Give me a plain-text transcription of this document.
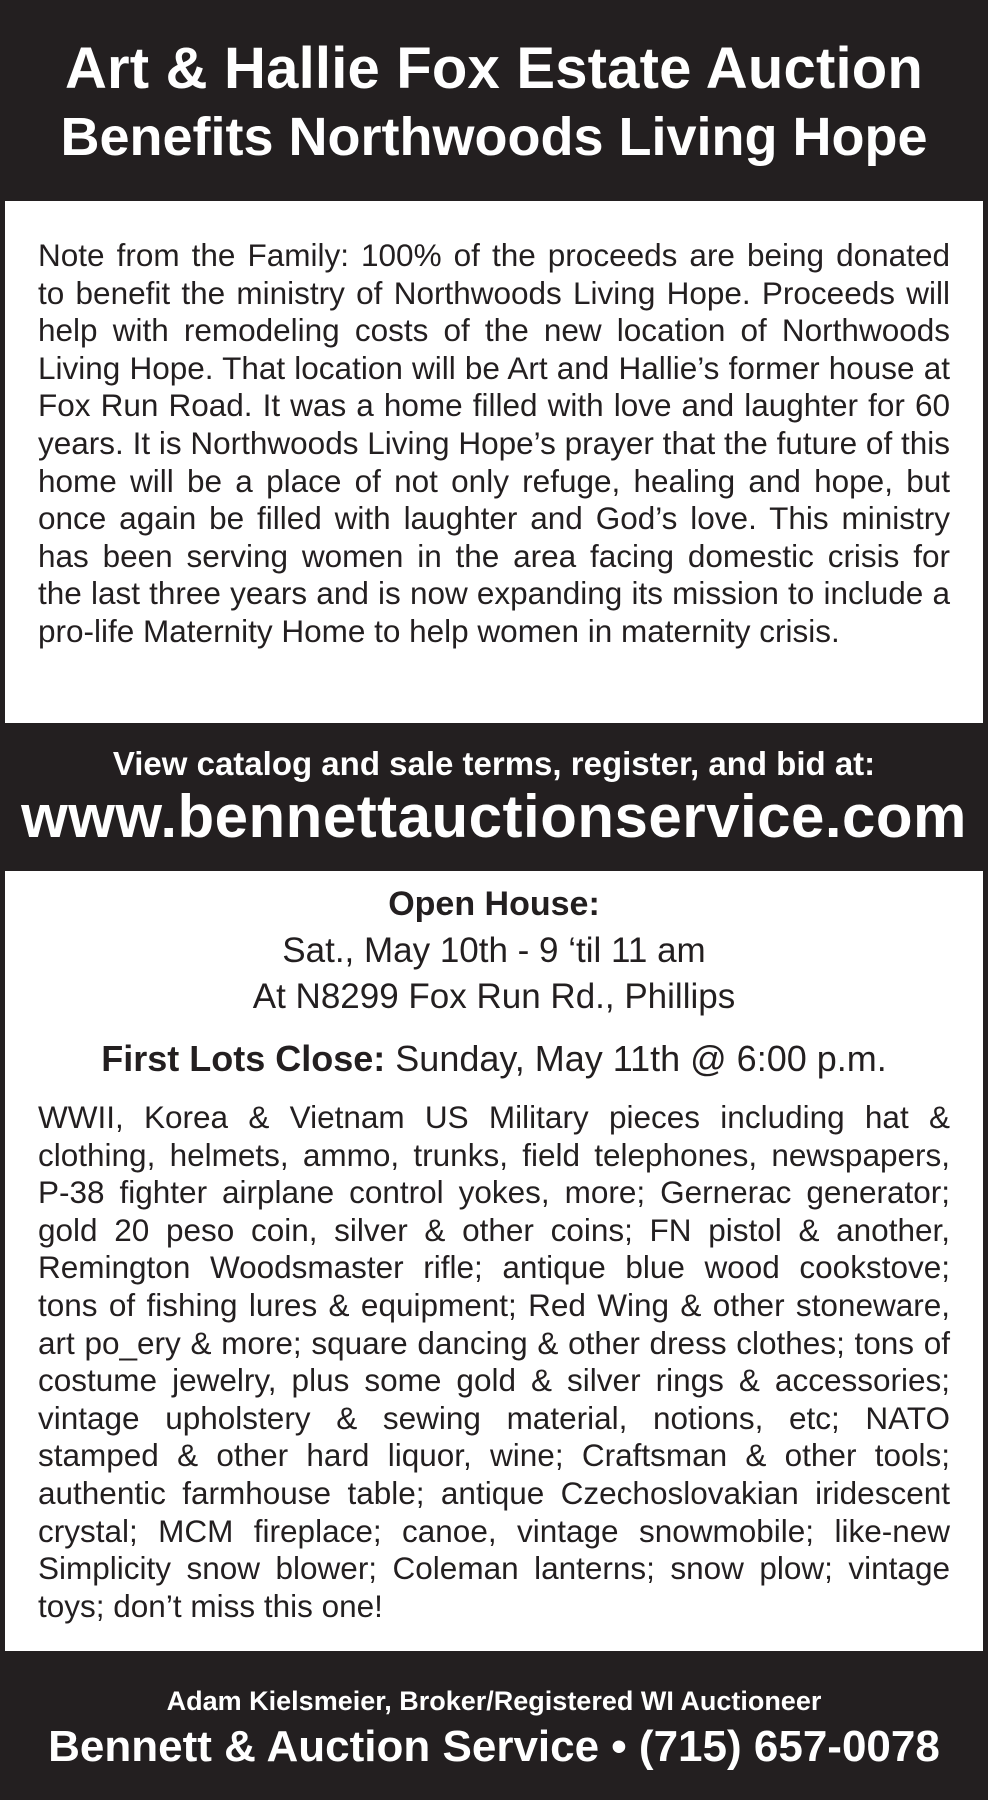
Art & Hallie Fox Estate Auction
Benefits Northwoods Living Hope
Note from the Family: 100% of the proceeds are being donated to benefit the ministry of Northwoods Living Hope. Proceeds will help with remodeling costs of the new location of Northwoods Living Hope. That location will be Art and Hallie’s former house at Fox Run Road. It was a home filled with love and laughter for 60 years. It is Northwoods Living Hope’s prayer that the future of this home will be a place of not only refuge, healing and hope, but once again be filled with laughter and God’s love. This ministry has been serving women in the area facing domestic crisis for the last three years and is now expanding its mission to include a pro-life Maternity Home to help women in maternity crisis.
View catalog and sale terms, register, and bid at:
www.bennettauctionservice.com
Open House:
Sat., May 10th - 9 ‘til 11 am
At N8299 Fox Run Rd., Phillips
First Lots Close: Sunday, May 11th @ 6:00 p.m.
WWII, Korea & Vietnam US Military pieces including hat & clothing, helmets, ammo, trunks, field telephones, newspapers, P-38 fighter airplane control yokes, more; Gernerac generator; gold 20 peso coin, silver & other coins; FN pistol & another, Remington Woodsmaster rifle; antique blue wood cookstove; tons of fishing lures & equipment; Red Wing & other stoneware, art po_ery & more; square dancing & other dress clothes; tons of costume jewelry, plus some gold & silver rings & accessories; vintage upholstery & sewing material, notions, etc; NATO stamped & other hard liquor, wine; Craftsman & other tools; authentic farmhouse table; antique Czechoslovakian iridescent crystal; MCM fireplace; canoe, vintage snowmobile; like-new Simplicity snow blower; Coleman lanterns; snow plow; vintage toys; don’t miss this one!
Adam Kielsmeier, Broker/Registered WI Auctioneer
Bennett & Auction Service • (715) 657-0078
